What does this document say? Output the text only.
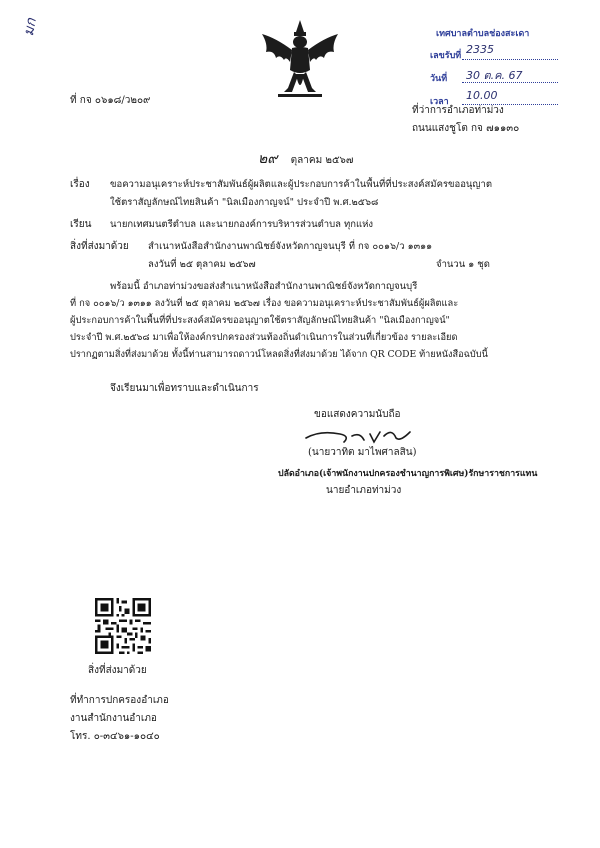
มก
ที่ กจ ๐๖๑๘/ว๒๐๙
เทศบาลตำบลช่องสะเดา
เลขรับที่ 2335
วันที่ 30 ต.ค. 67
เวลา 10.00
ที่ว่าการอำเภอท่าม่วง
ถนนแสงชูโต กจ ๗๑๑๓๐
๒๙ ตุลาคม ๒๕๖๗
เรื่อง ขอความอนุเคราะห์ประชาสัมพันธ์ผู้ผลิตและผู้ประกอบการค้าในพื้นที่ที่ประสงค์สมัครขออนุญาต
ใช้ตราสัญลักษณ์ไทยสินค้า "นิลเมืองกาญจน์" ประจำปี พ.ศ.๒๕๖๘
เรียน นายกเทศมนตรีตำบล และนายกองค์การบริหารส่วนตำบล ทุกแห่ง
สิ่งที่ส่งมาด้วย สำเนาหนังสือสำนักงานพาณิชย์จังหวัดกาญจนบุรี ที่ กจ ๐๐๑๖/ว ๑๓๑๑
ลงวันที่ ๒๕ ตุลาคม ๒๕๖๗	จำนวน ๑ ชุด
พร้อมนี้ อำเภอท่าม่วงขอส่งสำเนาหนังสือสำนักงานพาณิชย์จังหวัดกาญจนบุรี
ที่ กจ ๐๐๑๖/ว ๑๓๑๑ ลงวันที่ ๒๕ ตุลาคม ๒๕๖๗ เรื่อง ขอความอนุเคราะห์ประชาสัมพันธ์ผู้ผลิตและ
ผู้ประกอบการค้าในพื้นที่ที่ประสงค์สมัครขออนุญาตใช้ตราสัญลักษณ์ไทยสินค้า "นิลเมืองกาญจน์"
ประจำปี พ.ศ.๒๕๖๘ มาเพื่อให้องค์กรปกครองส่วนท้องถิ่นดำเนินการในส่วนที่เกี่ยวข้อง รายละเอียด
ปรากฏตามสิ่งที่ส่งมาด้วย ทั้งนี้ท่านสามารถดาวน์โหลดสิ่งที่ส่งมาด้วย ได้จาก QR CODE ท้ายหนังสือฉบับนี้
จึงเรียนมาเพื่อทราบและดำเนินการ
ขอแสดงความนับถือ
(นายวาทิต มาไพศาลสิน)
ปลัดอำเภอ(เจ้าพนักงานปกครองชำนาญการพิเศษ)รักษาราชการแทน
นายอำเภอท่าม่วง
สิ่งที่ส่งมาด้วย
ที่ทำการปกครองอำเภอ
งานสำนักงานอำเภอ
โทร. ๐-๓๔๖๑-๑๐๔๐
